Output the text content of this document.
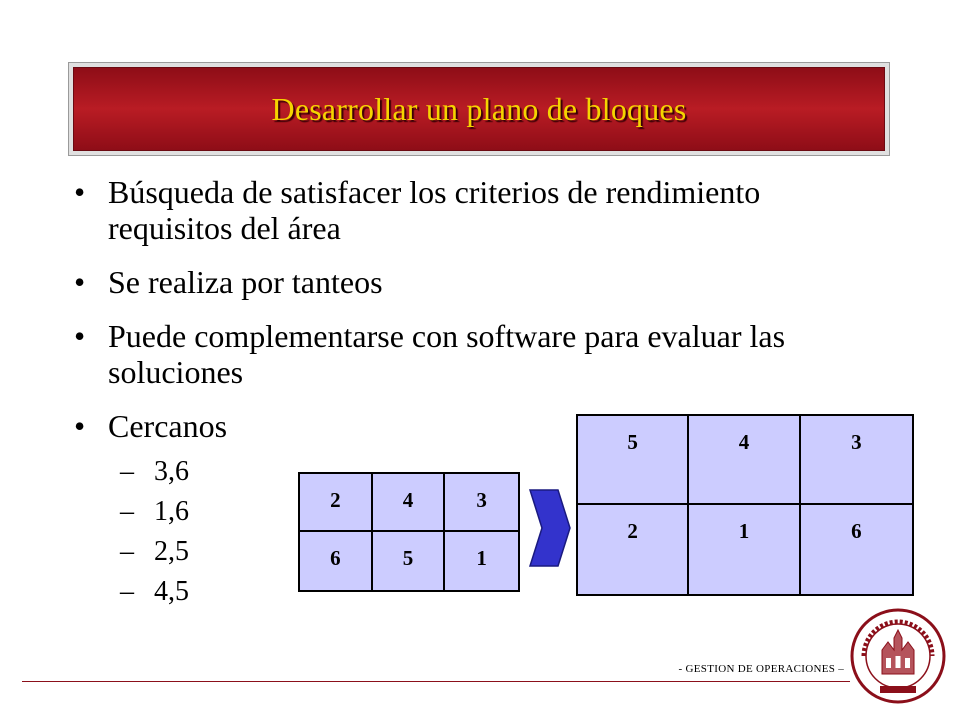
Desarrollar un plano de bloques
• Búsqueda de satisfacer los criterios de rendimiento requisitos del área
• Se realiza por tanteos
• Puede complementarse con software para evaluar las soluciones
• Cercanos
– 3,6
– 1,6
– 2,5
– 4,5
2	4	3
6	5	1
5	4	3
2	1	6
- GESTION DE OPERACIONES –
